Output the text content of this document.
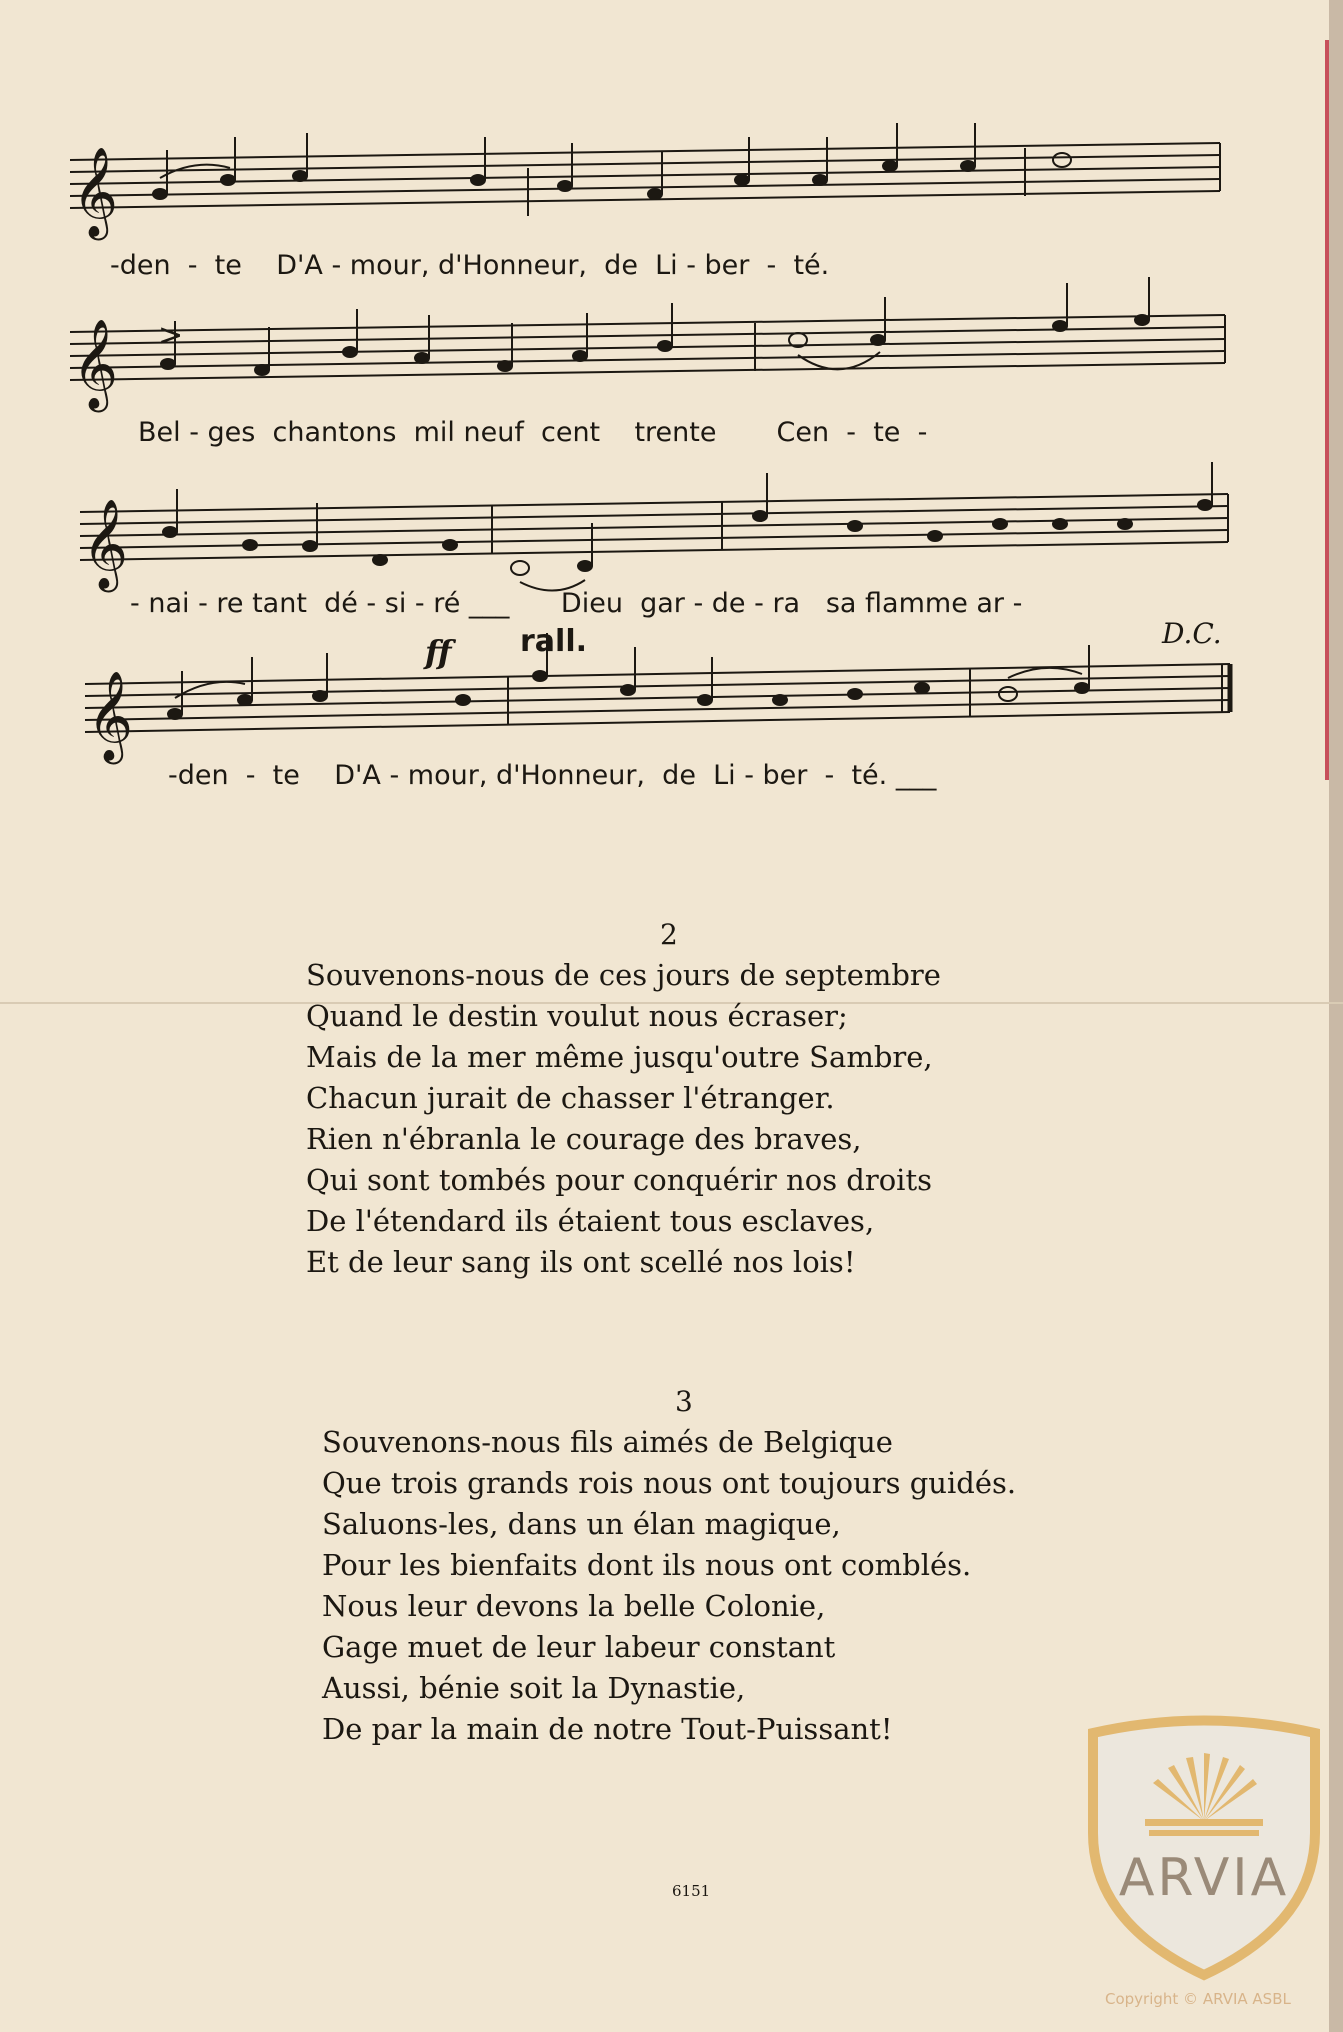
𝄞
𝄞
𝄞
𝄞
>
-den  -  te    D'A - mour, d'Honneur,  de  Li - ber  -  té.
Bel - ges  chantons  mil neuf  cent    trente       Cen  -  te  -
- nai - re tant  dé - si - ré ___      Dieu  gar - de - ra   sa flamme ar -
-den  -  te    D'A - mour, d'Honneur,  de  Li - ber  -  té. ___
ff rall.	D.C.
2
Souvenons-nous de ces jours de septembre
Quand le destin voulut nous écraser;
Mais de la mer même jusqu'outre Sambre,
Chacun jurait de chasser l'étranger.
Rien n'ébranla le courage des braves,
Qui sont tombés pour conquérir nos droits
De l'étendard ils étaient tous esclaves,
Et de leur sang ils ont scellé nos lois!
3
Souvenons-nous fils aimés de Belgique
Que trois grands rois nous ont toujours guidés.
Saluons-les, dans un élan magique,
Pour les bienfaits dont ils nous ont comblés.
Nous leur devons la belle Colonie,
Gage muet de leur labeur constant
Aussi, bénie soit la Dynastie,
De par la main de notre Tout-Puissant!
6151	ARVIA
Copyright © ARVIA ASBL
